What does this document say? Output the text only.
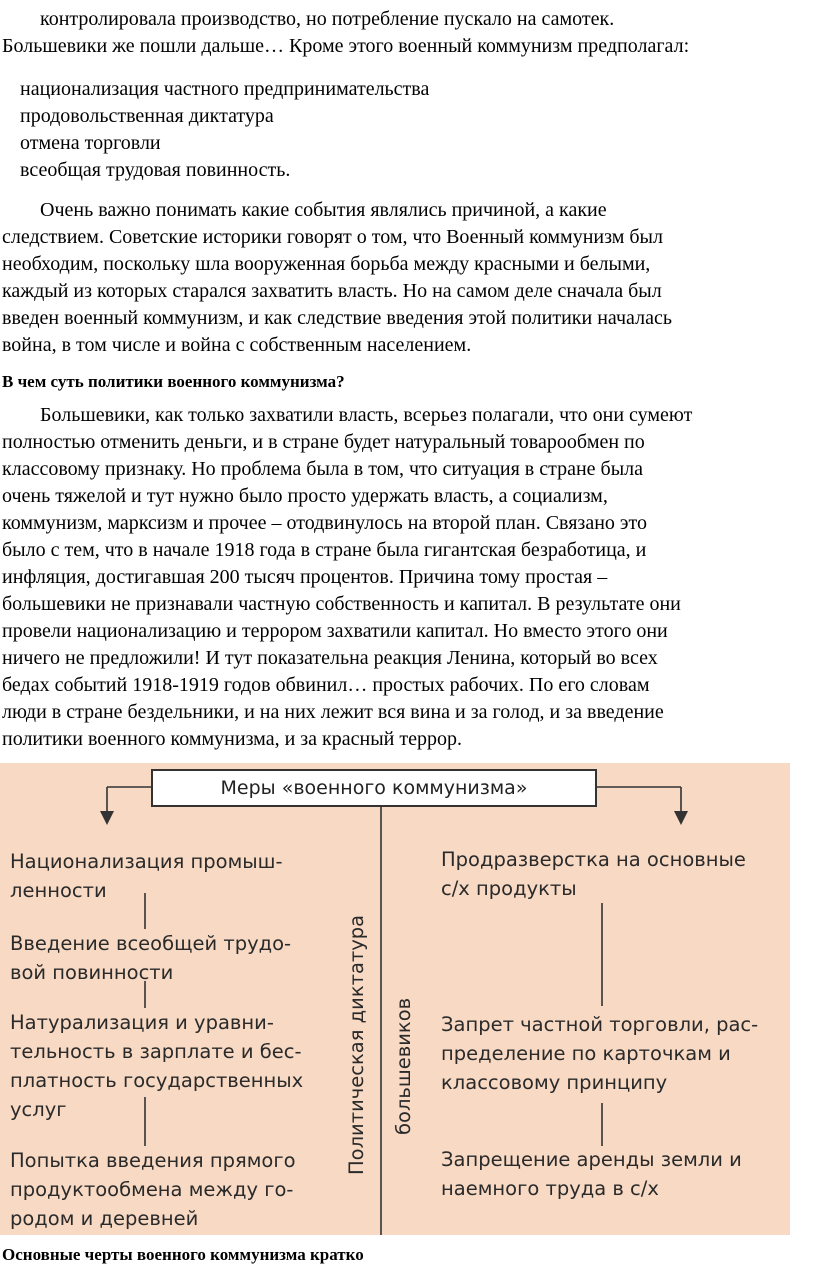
контролировала производство, но потребление пускало на самотек.
Большевики же пошли дальше… Кроме этого военный коммунизм предполагал:
национализация частного предпринимательства
продовольственная диктатура
отмена торговли
всеобщая трудовая повинность.
Очень важно понимать какие события являлись причиной, а какие
следствием. Советские историки говорят о том, что Военный коммунизм был
необходим, поскольку шла вооруженная борьба между красными и белыми,
каждый из которых старался захватить власть. Но на самом деле сначала был
введен военный коммунизм, и как следствие введения этой политики началась
война, в том числе и война с собственным населением.
В чем суть политики военного коммунизма?
Большевики, как только захватили власть, всерьез полагали, что они сумеют
полностью отменить деньги, и в стране будет натуральный товарообмен по
классовому признаку. Но проблема была в том, что ситуация в стране была
очень тяжелой и тут нужно было просто удержать власть, а социализм,
коммунизм, марксизм и прочее – отодвинулось на второй план. Связано это
было с тем, что в начале 1918 года в стране была гигантская безработица, и
инфляция, достигавшая 200 тысяч процентов. Причина тому простая –
большевики не признавали частную собственность и капитал. В результате они
провели национализацию и террором захватили капитал. Но вместо этого они
ничего не предложили! И тут показательна реакция Ленина, который во всех
бедах событий 1918-1919 годов обвинил… простых рабочих. По его словам
люди в стране бездельники, и на них лежит вся вина и за голод, и за введение
политики военного коммунизма, и за красный террор.
Меры «военного коммунизма»
Национализация промыш-
ленности
Введение всеобщей трудо-
вой повинности
Натурализация и уравни-
тельность в зарплате и бес-
платность государственных
услуг
Попытка введения прямого
продуктообмена между го-
родом и деревней
Политическая диктатура большевиков
Продразверстка на основные
с/х продукты
Запрет частной торговли, рас-
пределение по карточкам и
классовому принципу
Запрещение аренды земли и
наемного труда в с/х
Основные черты военного коммунизма кратко
